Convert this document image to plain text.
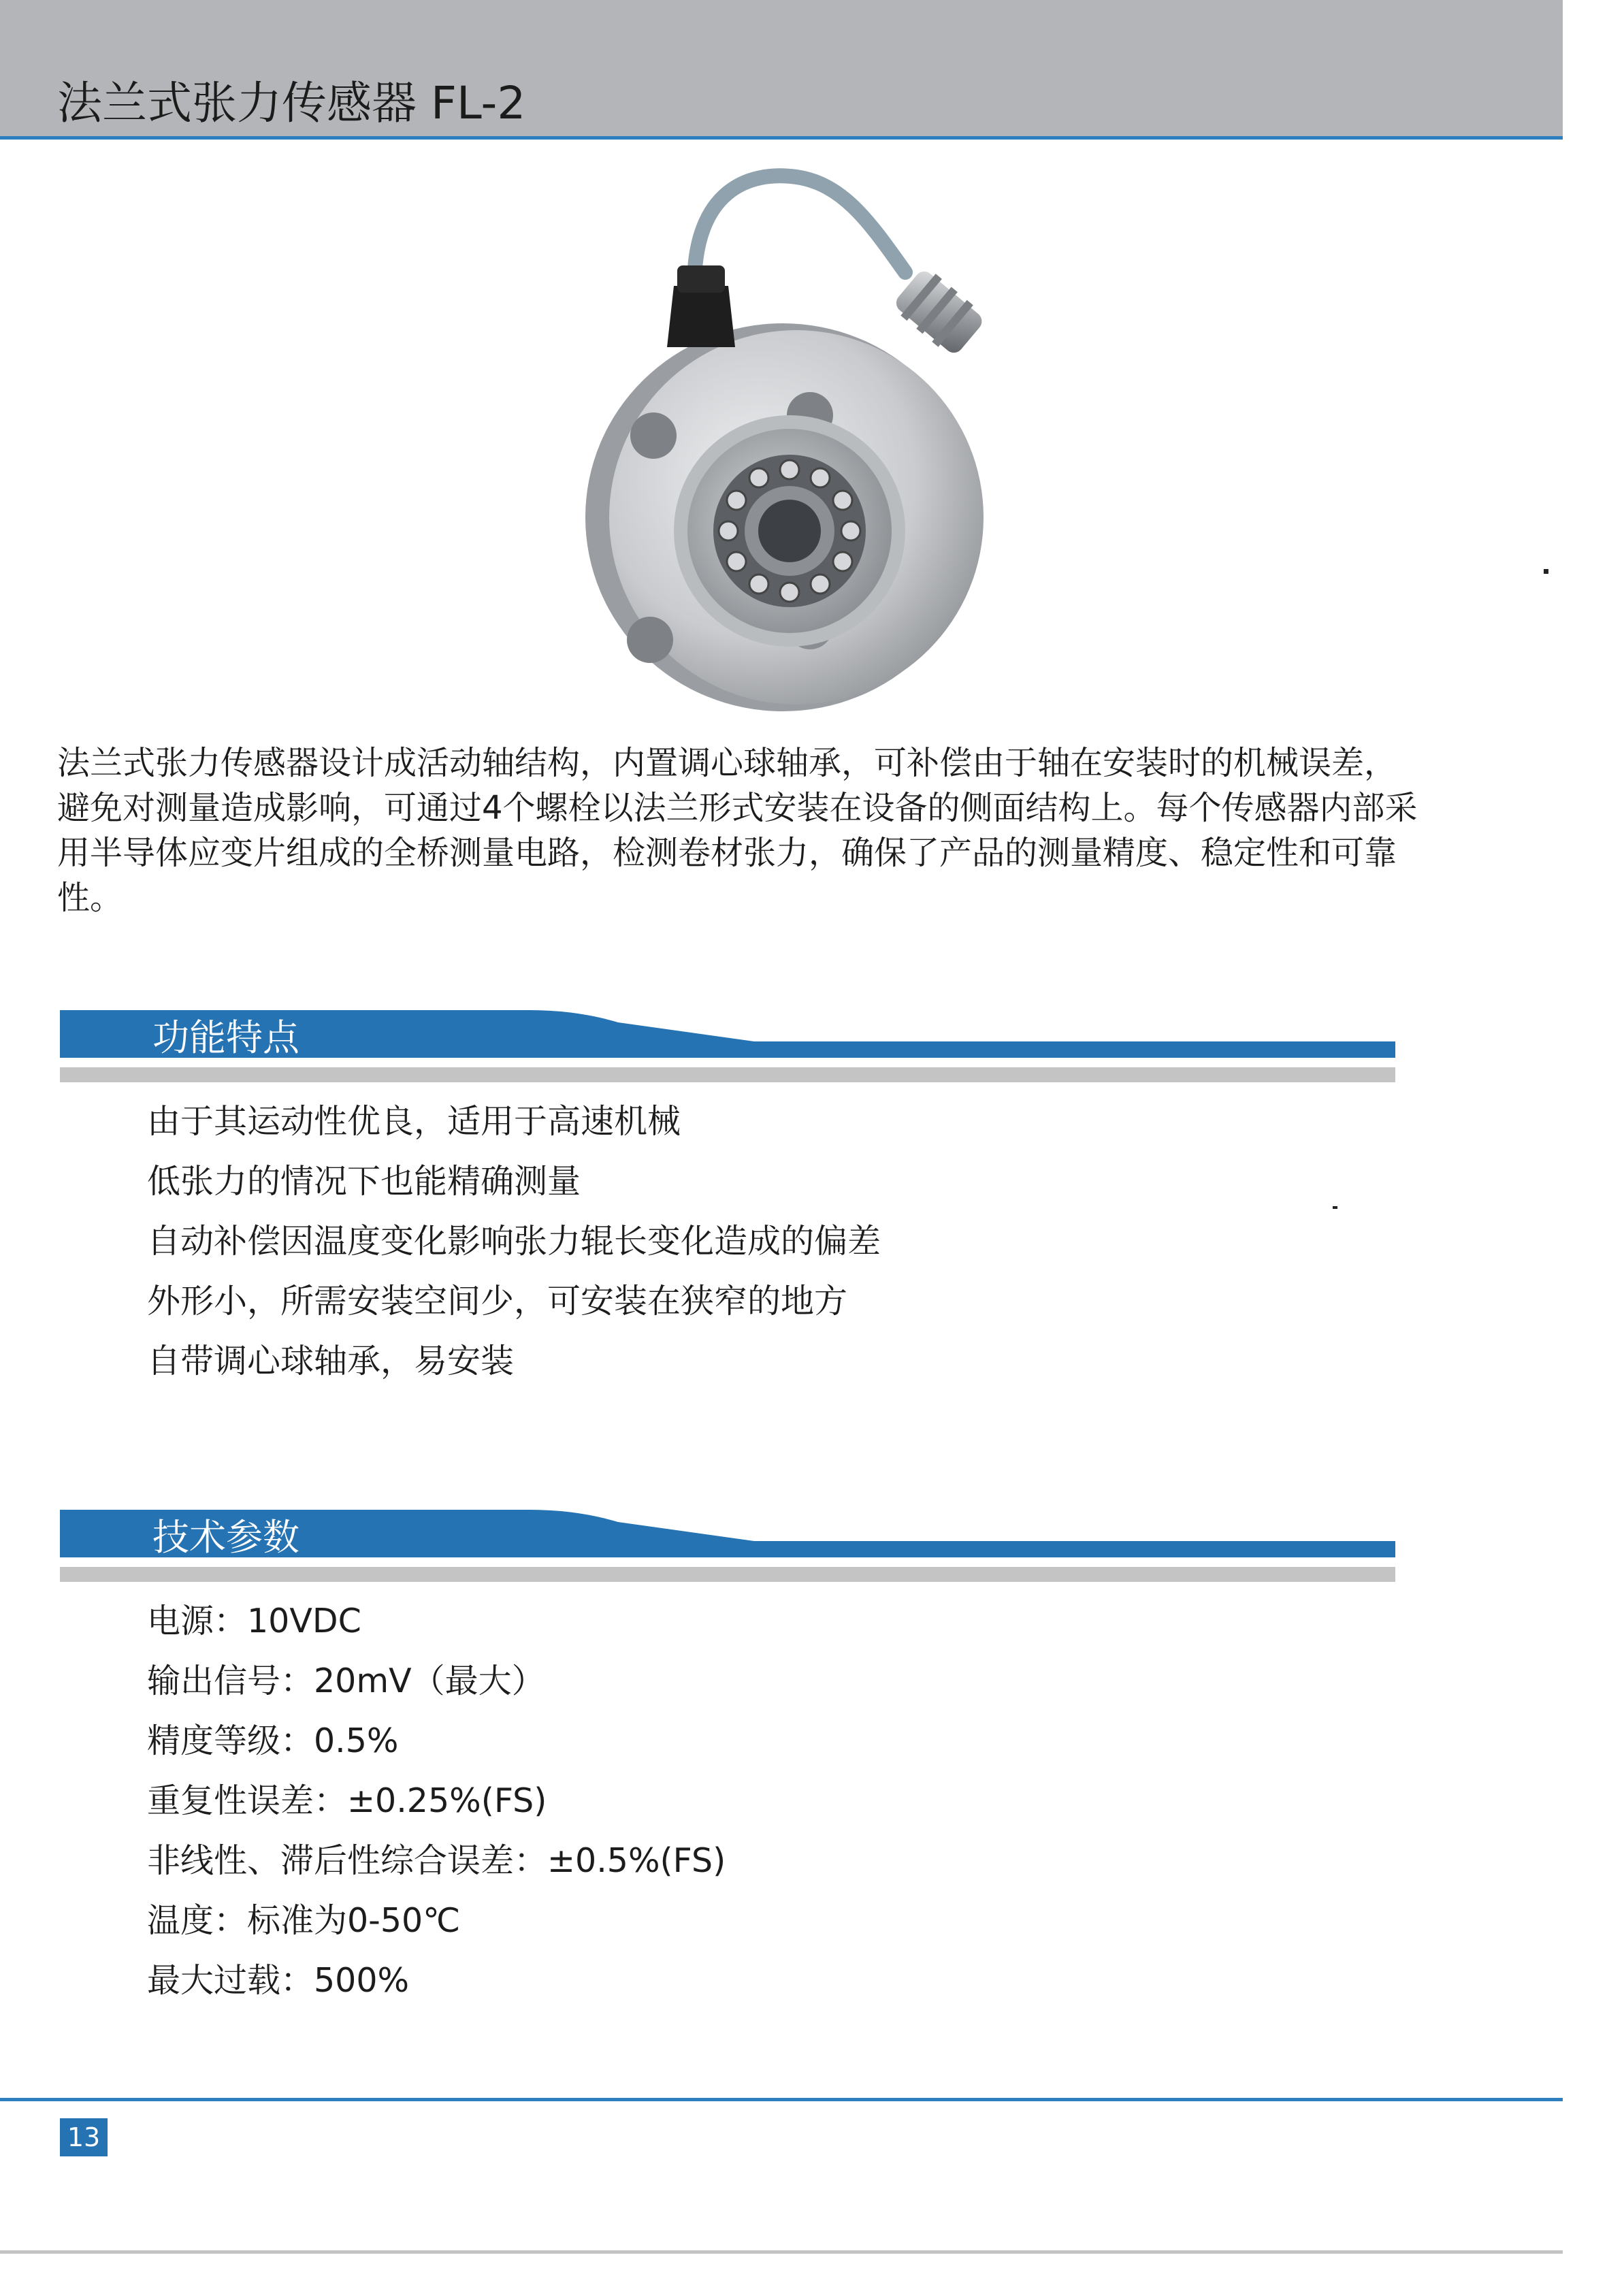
法兰式张力传感器 FL-2
法兰式张力传感器设计成活动轴结构，内置调心球轴承，可补偿由于轴在安装时的机械误差，避免对测量造成影响，可通过4个螺栓以法兰形式安装在设备的侧面结构上。每个传感器内部采用半导体应变片组成的全桥测量电路，检测卷材张力，确保了产品的测量精度、稳定性和可靠性。
功能特点
由于其运动性优良，适用于高速机械
低张力的情况下也能精确测量
自动补偿因温度变化影响张力辊长变化造成的偏差
外形小，所需安装空间少，可安装在狭窄的地方
自带调心球轴承，易安装
技术参数
电源：10VDC
输出信号：20mV（最大）
精度等级：0.5%
重复性误差：±0.25%(FS)
非线性、滞后性综合误差：±0.5%(FS)
温度：标准为0-50℃
最大过载：500%
13
